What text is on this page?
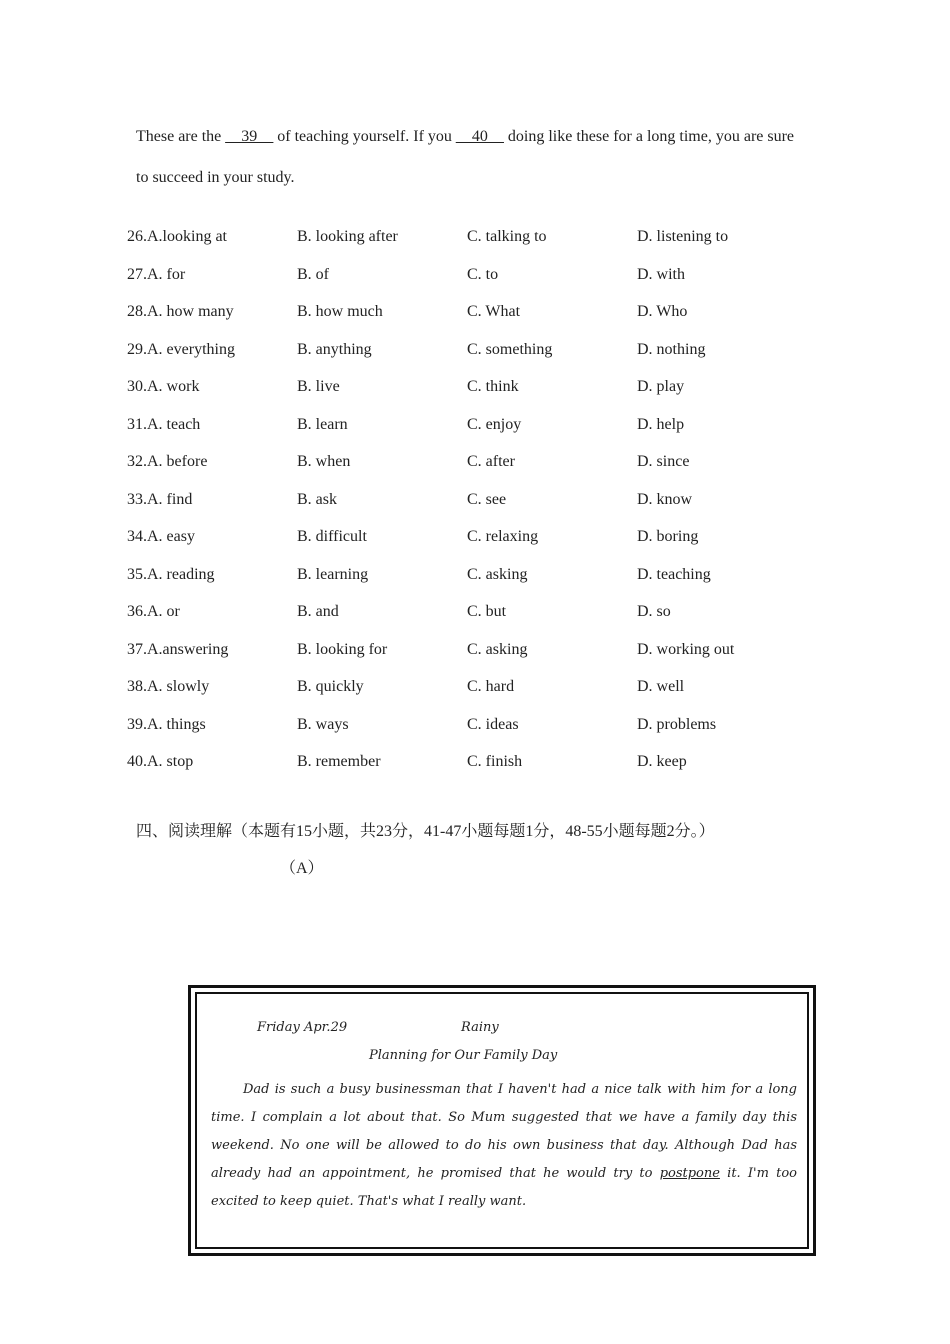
These are the __39__ of teaching yourself. If you __40__ doing like these for a long time, you are sure
to succeed in your study.
26.A.looking at	B. looking after	C. talking to	D. listening to
27.A. for	B. of	C. to	D. with
28.A. how many	B. how much	C. What	D. Who
29.A. everything	B. anything	C. something	D. nothing
30.A. work	B. live	C. think	D. play
31.A. teach	B. learn	C. enjoy	D. help
32.A. before	B. when	C. after	D. since
33.A. find	B. ask	C. see	D. know
34.A. easy	B. difficult	C. relaxing	D. boring
35.A. reading	B. learning	C. asking	D. teaching
36.A. or	B. and	C. but	D. so
37.A.answering	B. looking for	C. asking	D. working out
38.A. slowly	B. quickly	C. hard	D. well
39.A. things	B. ways	C. ideas	D. problems
40.A. stop	B. remember	C. finish	D. keep
四、阅读理解（本题有15小题，共23分，41-47小题每题1分，48-55小题每题2分。）
（A）
Friday Apr.29	Rainy
Planning for Our Family Day
Dad is such a busy businessman that I haven't had a nice talk with him for a long time. I complain a lot about that. So Mum suggested that we have a family day this weekend. No one will be allowed to do his own business that day. Although Dad has already had an appointment, he promised that he would try to postpone it. I'm too excited to keep quiet. That's what I really want.
